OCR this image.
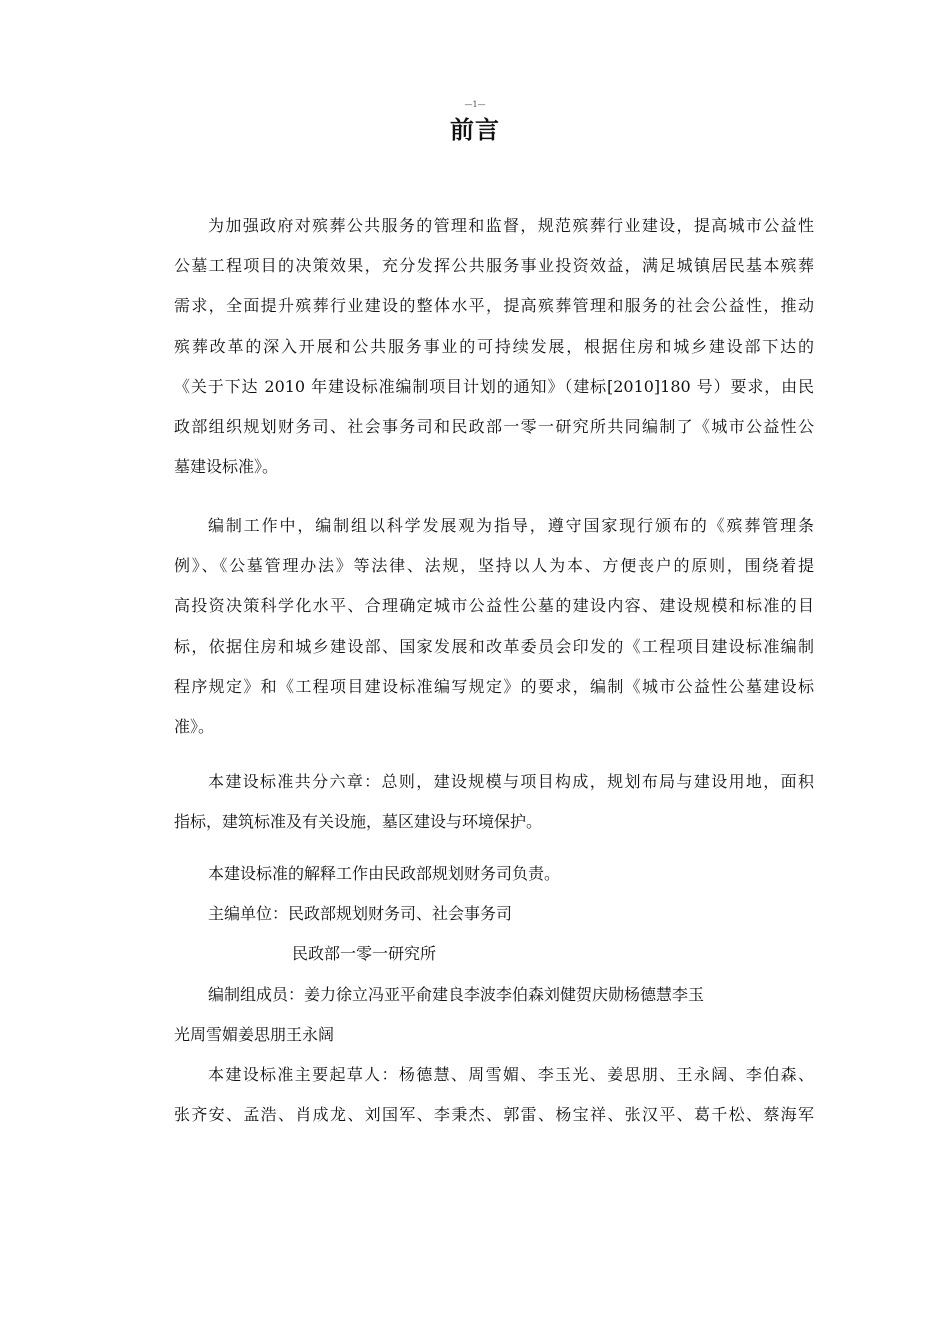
—1—
前言
为加强政府对殡葬公共服务的管理和监督，规范殡葬行业建设，提高城市公益性
公墓工程项目的决策效果，充分发挥公共服务事业投资效益，满足城镇居民基本殡葬
需求，全面提升殡葬行业建设的整体水平，提高殡葬管理和服务的社会公益性，推动
殡葬改革的深入开展和公共服务事业的可持续发展，根据住房和城乡建设部下达的
《关于下达 2010 年建设标准编制项目计划的通知》（建标[2010]180 号）要求，由民
政部组织规划财务司、社会事务司和民政部一零一研究所共同编制了《城市公益性公
墓建设标准》。
编制工作中，编制组以科学发展观为指导，遵守国家现行颁布的《殡葬管理条
例》、《公墓管理办法》等法律、法规，坚持以人为本、方便丧户的原则，围绕着提
高投资决策科学化水平、合理确定城市公益性公墓的建设内容、建设规模和标准的目
标，依据住房和城乡建设部、国家发展和改革委员会印发的《工程项目建设标准编制
程序规定》和《工程项目建设标准编写规定》的要求，编制《城市公益性公墓建设标
准》。
本建设标准共分六章：总则，建设规模与项目构成，规划布局与建设用地，面积
指标，建筑标准及有关设施，墓区建设与环境保护。
本建设标准的解释工作由民政部规划财务司负责。
主编单位：民政部规划财务司、社会事务司
民政部一零一研究所
编制组成员：姜力徐立冯亚平俞建良李波李伯森刘健贺庆勋杨德慧李玉
光周雪媚姜思朋王永阔
本建设标准主要起草人：杨德慧、周雪媚、李玉光、姜思朋、王永阔、李伯森、
张齐安、孟浩、肖成龙、刘国军、李秉杰、郭雷、杨宝祥、张汉平、葛千松、蔡海军
